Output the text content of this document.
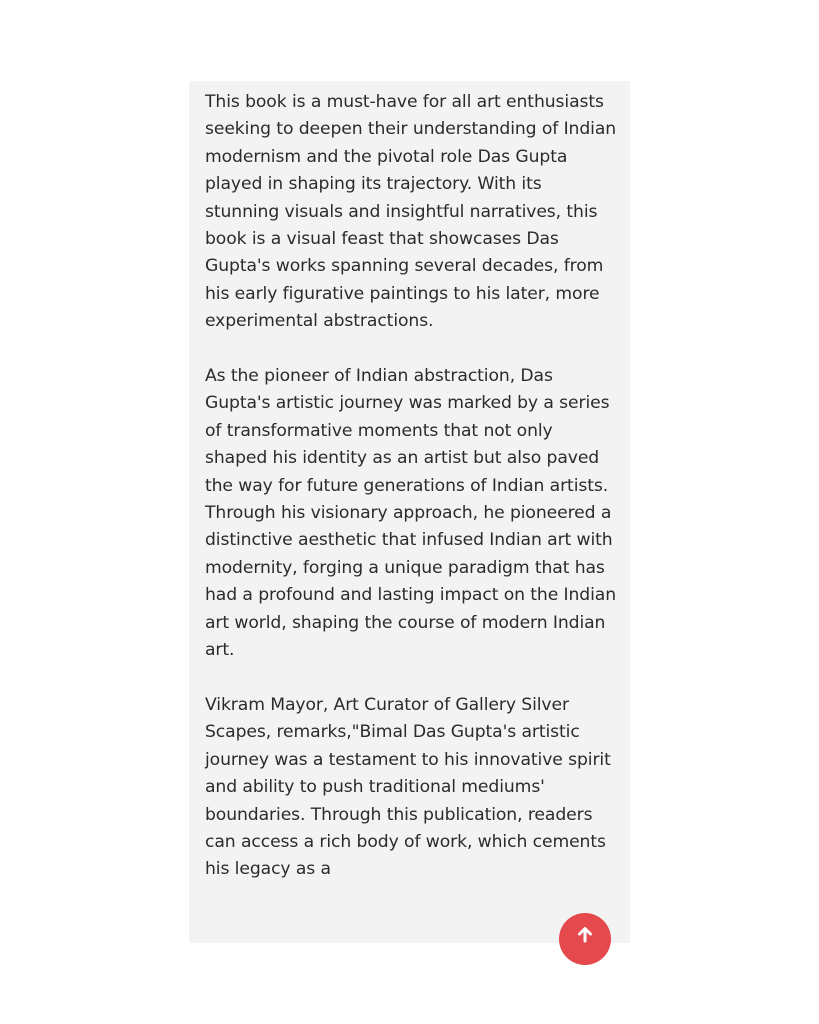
This book is a must-have for all art enthusiasts seeking to deepen their understanding of Indian modernism and the pivotal role Das Gupta played in shaping its trajectory. With its stunning visuals and insightful narratives, this book is a visual feast that showcases Das Gupta's works spanning several decades, from his early figurative paintings to his later, more experimental abstractions.

As the pioneer of Indian abstraction, Das Gupta's artistic journey was marked by a series of transformative moments that not only shaped his identity as an artist but also paved the way for future generations of Indian artists. Through his visionary approach, he pioneered a distinctive aesthetic that infused Indian art with modernity, forging a unique paradigm that has had a profound and lasting impact on the Indian art world, shaping the course of modern Indian art.

Vikram Mayor, Art Curator of Gallery Silver Scapes, remarks,"Bimal Das Gupta's artistic journey was a testament to his innovative spirit and ability to push traditional mediums' boundaries. Through this publication, readers can access a rich body of work, which cements his legacy as a
